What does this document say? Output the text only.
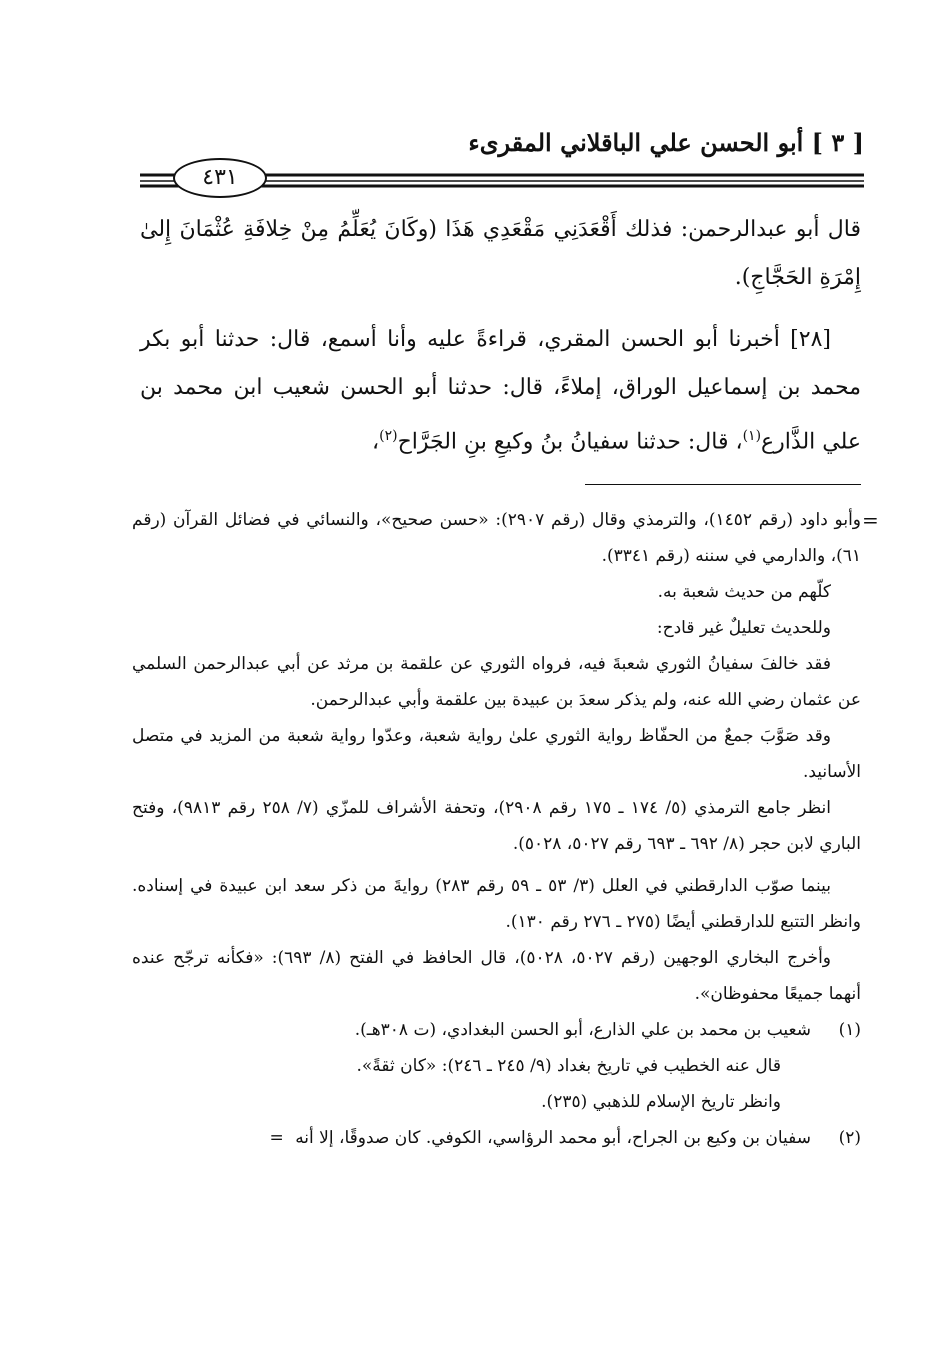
[ ٣ ] أبو الحسن علي الباقلاني المقرىء
٤٣١

قال أبو عبدالرحمن: فذلك أَقْعَدَنِي مَقْعَدِي هَذَا (وكَانَ يُعَلِّمُ مِنْ خِلافَةِ عُثْمَانَ إِلىٰ إِمْرَةِ الحَجَّاجِ).

[٢٨] أخبرنا أبو الحسن المقري، قراءةً عليه وأنا أسمع، قال: حدثنا أبو بكر محمد بن إسماعيل الوراق، إملاءً، قال: حدثنا أبو الحسن شعيب ابن محمد بن علي الذَّارع$^{(١)}$، قال: حدثنا سفيانُ بنُ وكيعِ بنِ الجَرَّاح$^{(٢)}$،

=

وأبو داود (رقم ١٤٥٢)، والترمذي وقال (رقم ٢٩٠٧): «حسن صحيح»، والنسائي في فضائل القرآن (رقم ٦١)، والدارمي في سننه (رقم ٣٣٤١).

كلّهم من حديث شعبة به.

وللحديث تعليلٌ غير قادح:

فقد خالفَ سفيانُ الثوري شعبةَ فيه، فرواه الثوري عن علقمة بن مرثد عن أبي عبدالرحمن السلمي عن عثمان رضي الله عنه، ولم يذكر سعدَ بن عبيدة بين علقمة وأبي عبدالرحمن.

وقد صَوَّبَ جمعٌ من الحفّاظ رواية الثوري علىٰ رواية شعبة، وعدّوا رواية شعبة من المزيد في متصل الأسانيد.

انظر جامع الترمذي (٥/ ١٧٤ ـ ١٧٥ رقم ٢٩٠٨)، وتحفة الأشراف للمزّي (٧/ ٢٥٨ رقم ٩٨١٣)، وفتح الباري لابن حجر (٨/ ٦٩٢ ـ ٦٩٣ رقم ٥٠٢٧، ٥٠٢٨).

بينما صوّب الدارقطني في العلل (٣/ ٥٣ ـ ٥٩ رقم ٢٨٣) روايةَ من ذكر سعد ابن عبيدة في إسناده. وانظر التتبع للدارقطني أيضًا (٢٧٥ ـ ٢٧٦ رقم ١٣٠).

وأخرج البخاري الوجهين (رقم ٥٠٢٧، ٥٠٢٨)، قال الحافظ في الفتح (٨/ ٦٩٣): «فكأنه ترجّح عنده أنهما جميعًا محفوظان».

(١)
شعيب بن محمد بن علي الذارع، أبو الحسن البغدادي، (ت ٣٠٨هـ).

قال عنه الخطيب في تاريخ بغداد (٩/ ٢٤٥ ـ ٢٤٦): «كان ثقةً».

وانظر تاريخ الإسلام للذهبي (٢٣٥).

(٢)
سفيان بن وكيع بن الجراح، أبو محمد الرؤاسي، الكوفي. كان صدوقًا، إلا أنه =
